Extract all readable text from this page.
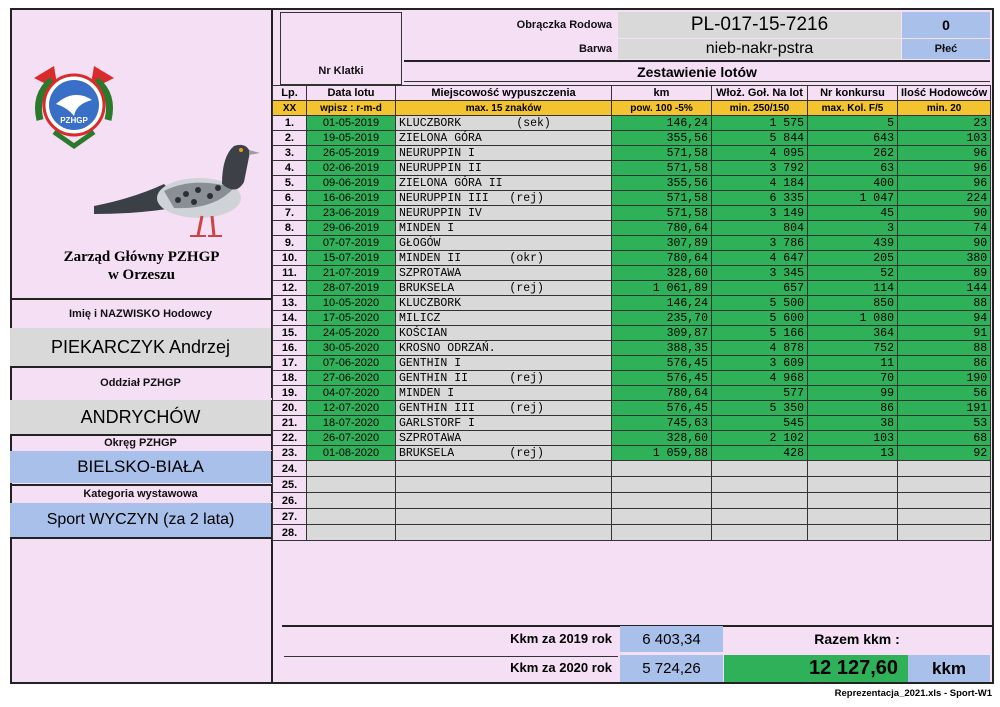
PZHGP
Zarząd Główny PZHGP
w Orzeszu
Imię i NAZWISKO Hodowcy
PIEKARCZYK Andrzej
Oddział PZHGP
ANDRYCHÓW
Okręg PZHGP
BIELSKO-BIAŁA
Kategoria wystawowa
Sport WYCZYN (za 2 lata)
Nr Klatki
Obrączka Rodowa	PL-017-15-7216	0
Barwa	nieb-nakr-pstra	Płeć
Zestawienie lotów
Lp.	Data lotu	Miejscowość wypuszczenia	km	Włoż. Goł. Na lot	Nr konkursu	Ilość Hodowców
XX	wpisz : r-m-d	max. 15 znaków	pow. 100 -5%	min. 250/150	max. Kol. F/5	min. 20
1.	01-05-2019	KLUCZBORK        (sek)	146,24	1 575	5	23
2.	19-05-2019	ZIELONA GÓRA	355,56	5 844	643	103
3.	26-05-2019	NEURUPPIN I	571,58	4 095	262	96
4.	02-06-2019	NEURUPPIN II	571,58	3 792	63	96
5.	09-06-2019	ZIELONA GÓRA II	355,56	4 184	400	96
6.	16-06-2019	NEURUPPIN III   (rej)	571,58	6 335	1 047	224
7.	23-06-2019	NEURUPPIN IV	571,58	3 149	45	90
8.	29-06-2019	MINDEN I	780,64	804	3	74
9.	07-07-2019	GŁOGÓW	307,89	3 786	439	90
10.	15-07-2019	MINDEN II       (okr)	780,64	4 647	205	380
11.	21-07-2019	SZPROTAWA	328,60	3 345	52	89
12.	28-07-2019	BRUKSELA        (rej)	1 061,89	657	114	144
13.	10-05-2020	KLUCZBORK	146,24	5 500	850	88
14.	17-05-2020	MILICZ	235,70	5 600	1 080	94
15.	24-05-2020	KOŚCIAN	309,87	5 166	364	91
16.	30-05-2020	KROSNO ODRZAŃ.	388,35	4 878	752	88
17.	07-06-2020	GENTHIN I	576,45	3 609	11	86
18.	27-06-2020	GENTHIN II      (rej)	576,45	4 968	70	190
19.	04-07-2020	MINDEN I	780,64	577	99	56
20.	12-07-2020	GENTHIN III     (rej)	576,45	5 350	86	191
21.	18-07-2020	GARLSTORF I	745,63	545	38	53
22.	26-07-2020	SZPROTAWA	328,60	2 102	103	68
23.	01-08-2020	BRUKSELA        (rej)	1 059,88	428	13	92
24.						
25.						
26.						
27.						
28.						
Kkm za 2019 rok	6 403,34	Razem kkm :
Kkm za 2020 rok	5 724,26	12 127,60	kkm
Reprezentacja_2021.xls - Sport-W1
